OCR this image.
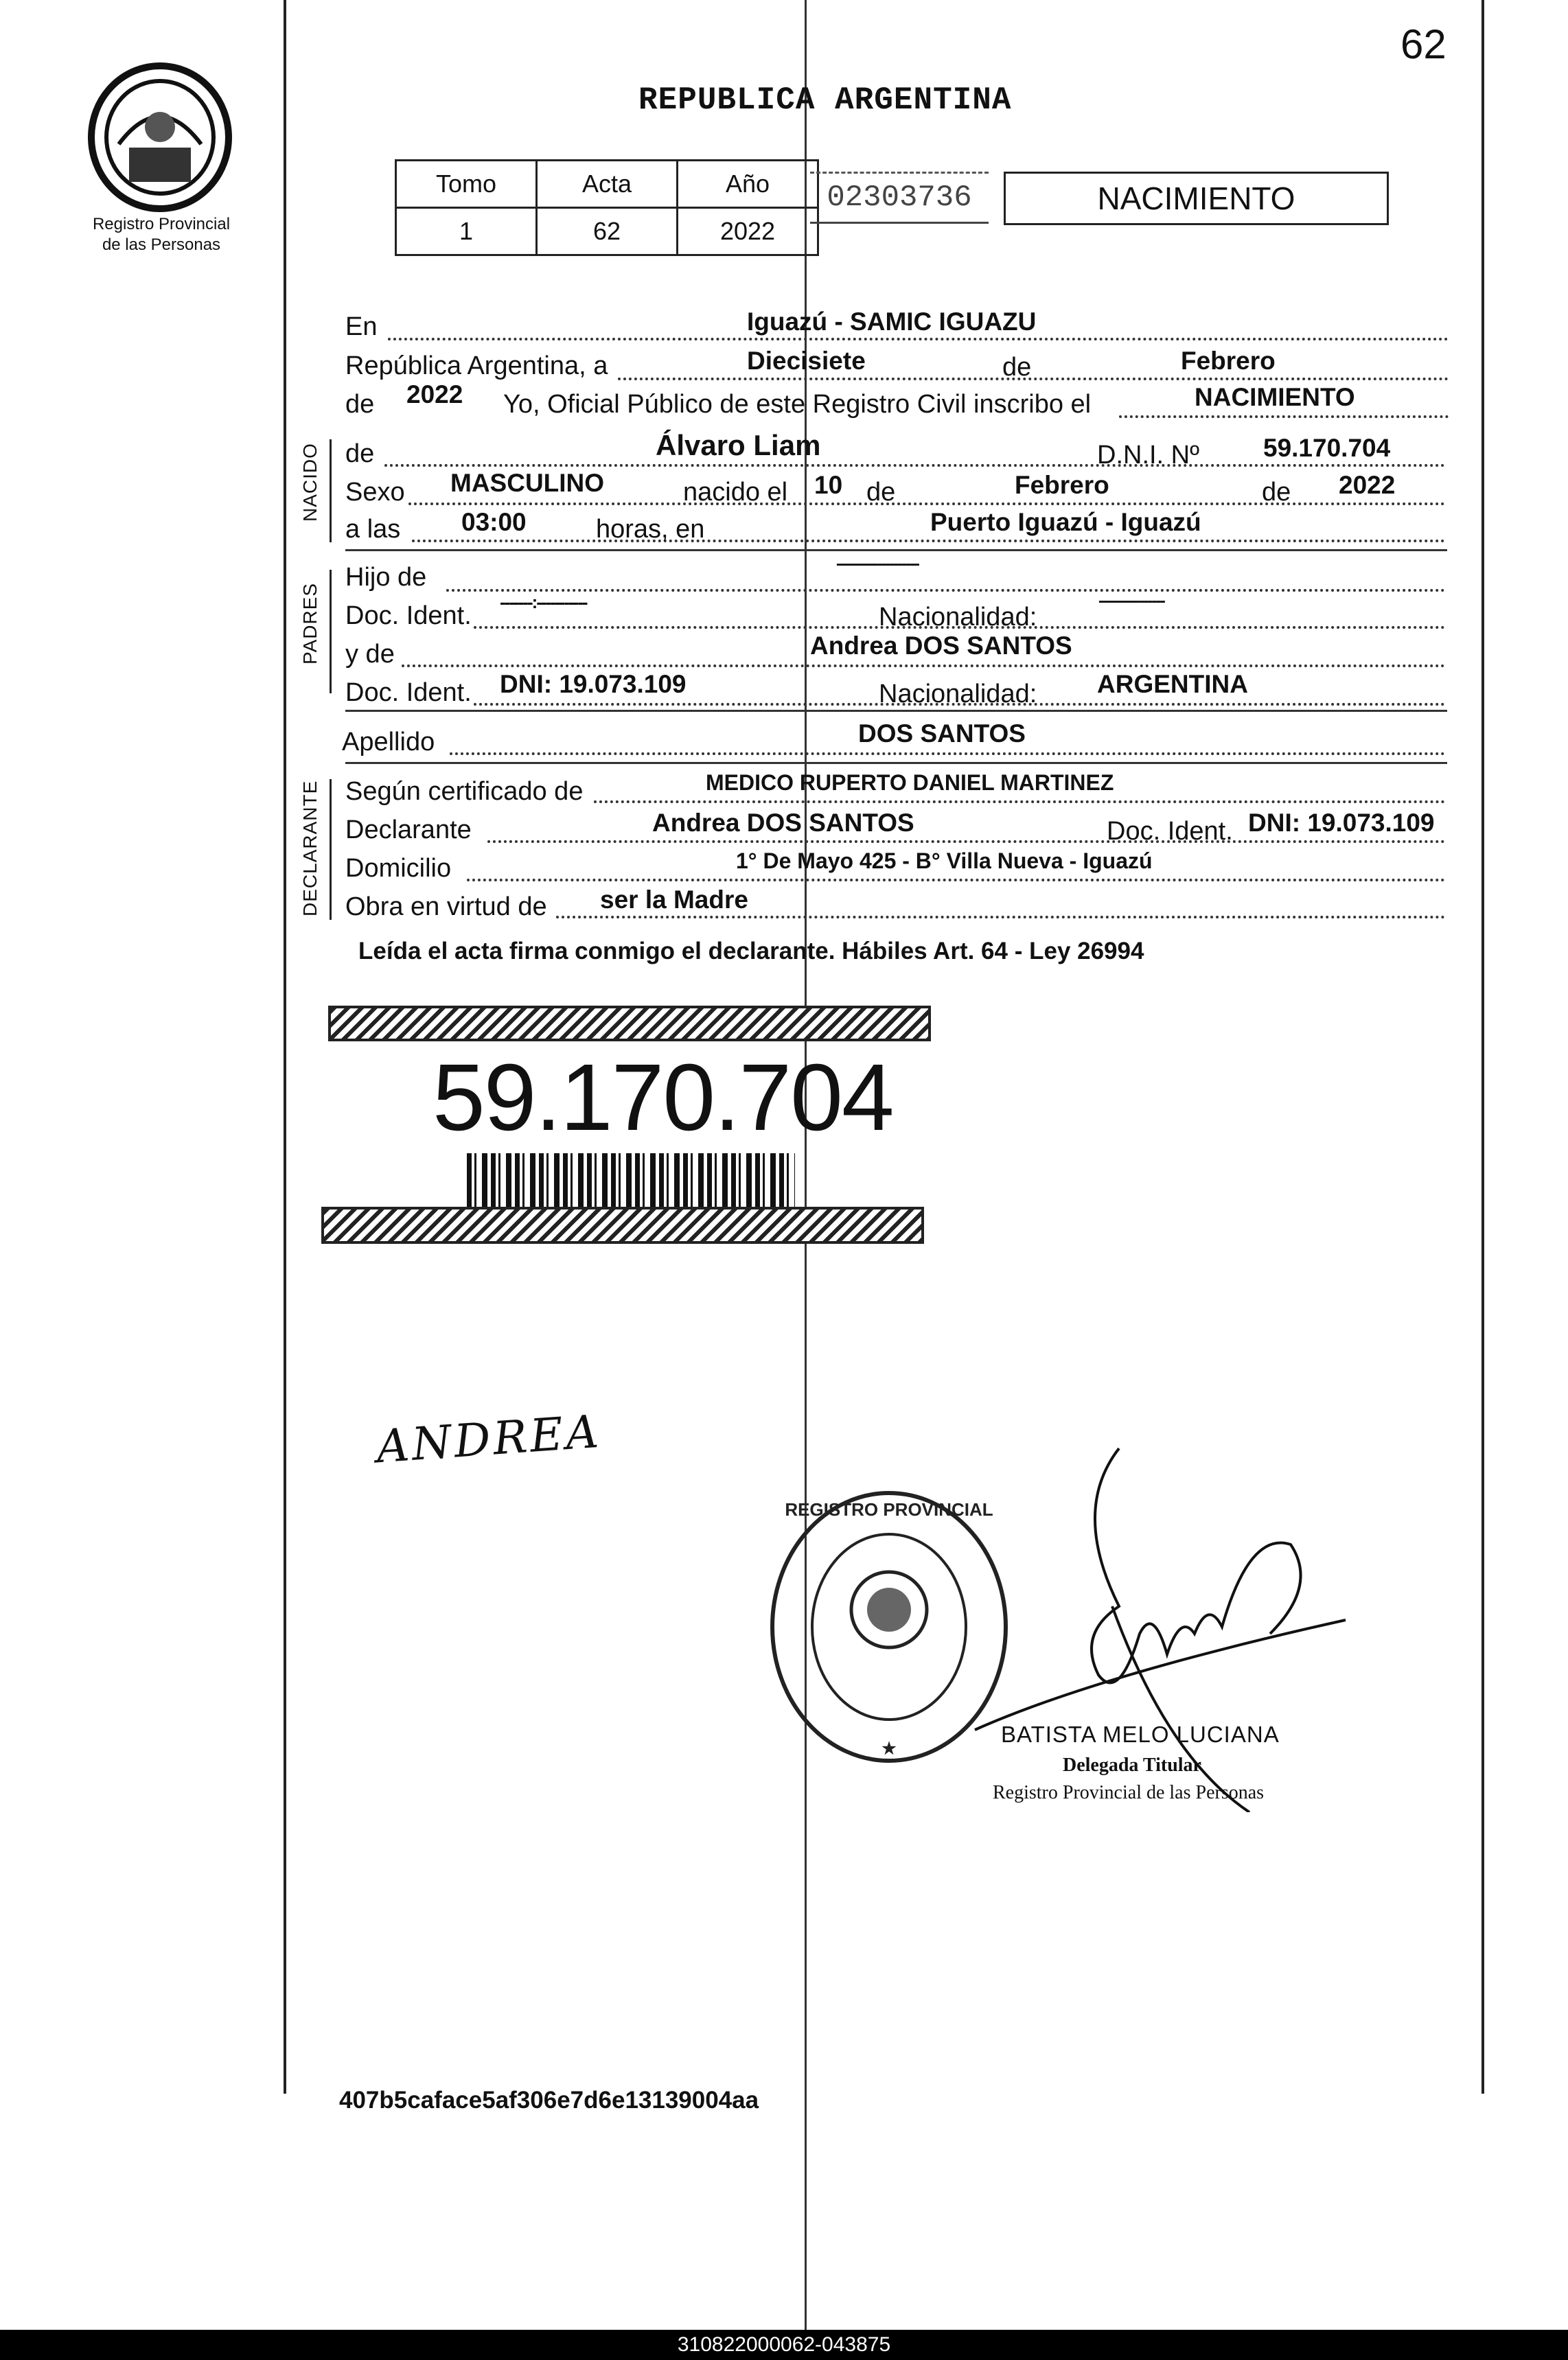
62
Registro Provincial
de las Personas
REPUBLICA ARGENTINA
Tomo	Acta	Año
1	62	2022
02303736	NACIMIENTO
NACIDO
PADRES
DECLARANTE
En	Iguazú - SAMIC IGUAZU
República Argentina, a	Diecisiete	de	Febrero
de 2022 Yo, Oficial Público de este Registro Civil inscribo el	NACIMIENTO
de	Álvaro Liam	D.N.I. Nº	59.170.704
Sexo MASCULINO	nacido el 10 de	Febrero	de 2022
a las 03:00	horas, en	Puerto Iguazú - Iguazú
Hijo de	--------------------
Doc. Ident. -------:-----------
Nacionalidad:
----------------
y de	Andrea DOS SANTOS
Doc. Ident. DNI: 19.073.109	Nacionalidad: ARGENTINA
Apellido	DOS SANTOS
Según certificado de	MEDICO RUPERTO DANIEL MARTINEZ
Declarante	Andrea DOS SANTOS	Doc. Ident. DNI: 19.073.109
Domicilio	1° De Mayo 425 - B° Villa Nueva - Iguazú
Obra en virtud de ser la Madre
Leída el acta firma conmigo el declarante. Hábiles Art. 64 - Ley 26994
59.170.704
ANDREA
REGISTRO PROVINCIAL
★
BATISTA MELO LUCIANA
Delegada Titular
Registro Provincial de las Personas
407b5caface5af306e7d6e13139004aa
310822000062-043875
